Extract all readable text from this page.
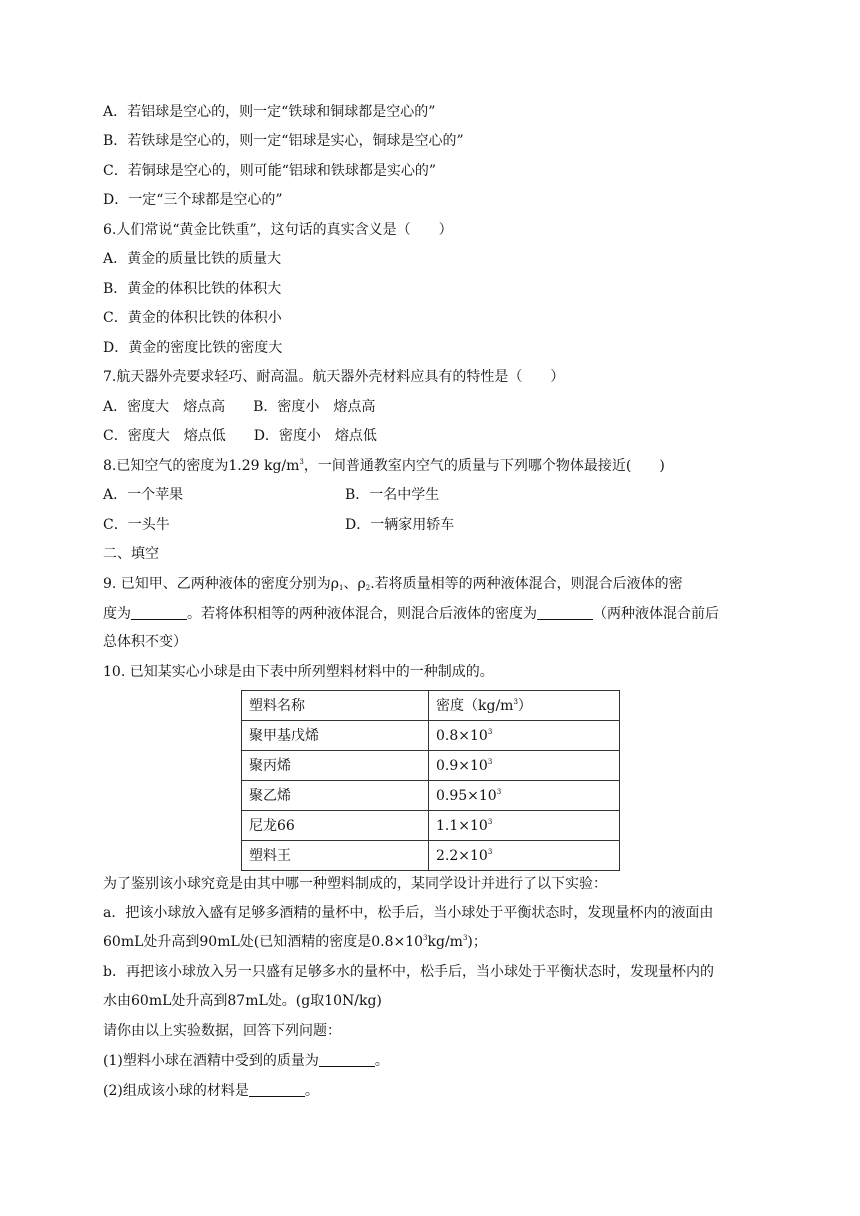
A．若铝球是空心的，则一定“铁球和铜球都是空心的”
B．若铁球是空心的，则一定“铝球是实心，铜球是空心的”
C．若铜球是空心的，则可能“铝球和铁球都是实心的”
D．一定“三个球都是空心的”
6.人们常说“黄金比铁重”，这句话的真实含义是（　　）
A．黄金的质量比铁的质量大
B．黄金的体积比铁的体积大
C．黄金的体积比铁的体积小
D．黄金的密度比铁的密度大
7.航天器外壳要求轻巧、耐高温。航天器外壳材料应具有的特性是（　　）
A．密度大　熔点高　　B．密度小　熔点高
C．密度大　熔点低　　D．密度小　熔点低
8.已知空气的密度为1.29 $kg/m^3$，一间普通教室内空气的质量与下列哪个物体最接近(　　)
A．一个苹果	B．一名中学生
C．一头牛	D．一辆家用轿车
二、填空
9. 已知甲、乙两种液体的密度分别为$\rho_1$、$\rho_2$.若将质量相等的两种液体混合，则混合后液体的密
度为	。若将体积相等的两种液体混合，则混合后液体的密度为	（两种液体混合前后
总体积不变）
10. 已知某实心小球是由下表中所列塑料材料中的一种制成的。
塑料名称	密度$(kg/m^3)$
聚甲基戊烯	$0.8\times 10^3$
聚丙烯	$0.9\times 10^3$
聚乙烯	$0.95\times 10^3$
尼龙66	$1.1\times 10^3$
塑料王	$2.2\times 10^3$
为了鉴别该小球究竟是由其中哪一种塑料制成的，某同学设计并进行了以下实验：
a．把该小球放入盛有足够多酒精的量杯中，松手后，当小球处于平衡状态时，发现量杯内的液面由
60mL处升高到90mL处(已知酒精的密度是$0.8\times 10^3kg/m^3$)；
b．再把该小球放入另一只盛有足够多水的量杯中，松手后，当小球处于平衡状态时，发现量杯内的
水由60mL处升高到87mL处。(g取10N/kg)
请你由以上实验数据，回答下列问题：
(1)塑料小球在酒精中受到的质量为	。
(2)组成该小球的材料是	。
